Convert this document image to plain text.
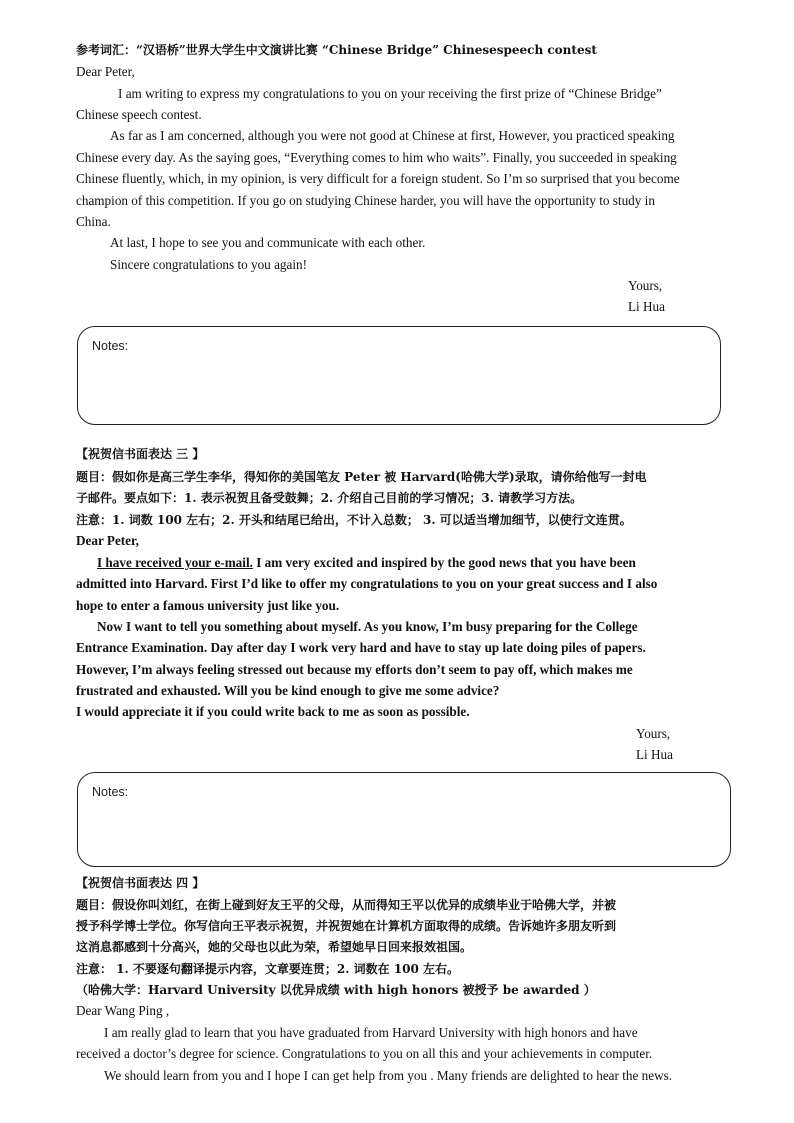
参考词汇：“汉语桥”世界大学生中文演讲比赛 “Chinese Bridge” Chinesespeech contest
Dear Peter,
I am writing to express my congratulations to you on your receiving the first prize of “Chinese Bridge”
Chinese speech contest.
As far as I am concerned, although you were not good at Chinese at first, However, you practiced speaking
Chinese every day. As the saying goes, “Everything comes to him who waits”. Finally, you succeeded in speaking
Chinese fluently, which, in my opinion, is very difficult for a foreign student. So I’m so surprised that you become
champion of this competition. If you go on studying Chinese harder, you will have the opportunity to study in
China.
At last, I hope to see you and communicate with each other.
Sincere congratulations to you again!
Yours,
Li Hua
Notes:
【祝贺信书面表达 三 】
题目：假如你是高三学生李华，得知你的美国笔友 Peter 被 Harvard(哈佛大学)录取，请你给他写一封电
子邮件。要点如下：1. 表示祝贺且备受鼓舞；2. 介绍自己目前的学习情况；3. 请教学习方法。
注意：1. 词数 100 左右；2. 开头和结尾已给出，不计入总数； 3. 可以适当增加细节，以使行文连贯。
Dear Peter,
I have received your e-mail. I am very excited and inspired by the good news that you have been
admitted into Harvard. First I’d like to offer my congratulations to you on your great success and I also
hope to enter a famous university just like you.
Now I want to tell you something about myself. As you know, I’m busy preparing for the College
Entrance Examination. Day after day I work very hard and have to stay up late doing piles of papers.
However, I’m always feeling stressed out because my efforts don’t seem to pay off, which makes me
frustrated and exhausted. Will you be kind enough to give me some advice?
I would appreciate it if you could write back to me as soon as possible.
Yours,
Li Hua
Notes:
【祝贺信书面表达 四 】
题目：假设你叫刘红，在街上碰到好友王平的父母，从而得知王平以优异的成绩毕业于哈佛大学，并被
授予科学博士学位。你写信向王平表示祝贺，并祝贺她在计算机方面取得的成绩。告诉她许多朋友听到
这消息都感到十分高兴，她的父母也以此为荣，希望她早日回来报效祖国。
注意： 1. 不要逐句翻译提示内容，文章要连贯；2. 词数在 100 左右。
（哈佛大学：Harvard University 以优异成绩 with high honors 被授予 be awarded ）
Dear Wang Ping ,
I am really glad to learn that you have graduated from Harvard University with high honors and have
received a doctor’s degree for science. Congratulations to you on all this and your achievements in computer.
We should learn from you and I hope I can get help from you . Many friends are delighted to hear the news.
